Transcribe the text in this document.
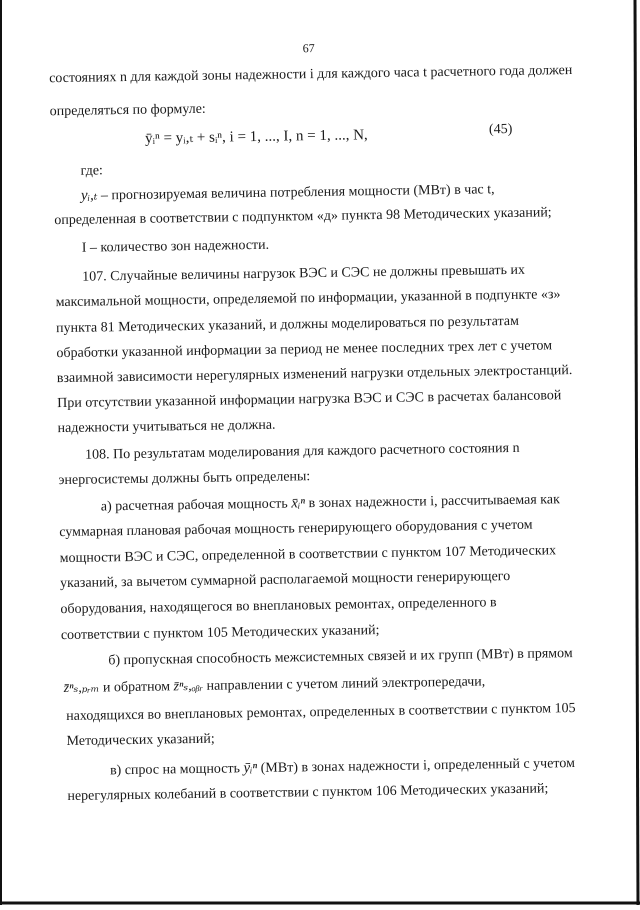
67
состояниях n для каждой зоны надежности i для каждого часа t расчетного года должен
определяться по формуле:
ȳᵢⁿ = yᵢ,ₜ + sᵢⁿ, i = 1, ..., I, n = 1, ..., N,	(45)
где:
yᵢ,ₜ – прогнозируемая величина потребления мощности (МВт) в час t,
определенная в соответствии с подпунктом «д» пункта 98 Методических указаний;
I – количество зон надежности.
107. Случайные величины нагрузок ВЭС и СЭС не должны превышать их
максимальной мощности, определяемой по информации, указанной в подпункте «з»
пункта 81 Методических указаний, и должны моделироваться по результатам
обработки указанной информации за период не менее последних трех лет с учетом
взаимной зависимости нерегулярных изменений нагрузки отдельных электростанций.
При отсутствии указанной информации нагрузка ВЭС и СЭС в расчетах балансовой
надежности учитываться не должна.
108. По результатам моделирования для каждого расчетного состояния n
энергосистемы должны быть определены:
а) расчетная рабочая мощность x̄ᵢⁿ в зонах надежности i, рассчитываемая как
суммарная плановая рабочая мощность генерирующего оборудования с учетом
мощности ВЭС и СЭС, определенной в соответствии с пунктом 107 Методических
указаний, за вычетом суммарной располагаемой мощности генерирующего
оборудования, находящегося во внеплановых ремонтах, определенного в
соответствии с пунктом 105 Методических указаний;
б) пропускная способность межсистемных связей и их групп (МВт) в прямом
z̄ⁿₛ,ₚᵣₘ и обратном z̄ⁿₛ,ₒᵦᵣ направлении с учетом линий электропередачи,
находящихся во внеплановых ремонтах, определенных в соответствии с пунктом 105
Методических указаний;
в) спрос на мощность ȳᵢⁿ (МВт) в зонах надежности i, определенный с учетом
нерегулярных колебаний в соответствии с пунктом 106 Методических указаний;
